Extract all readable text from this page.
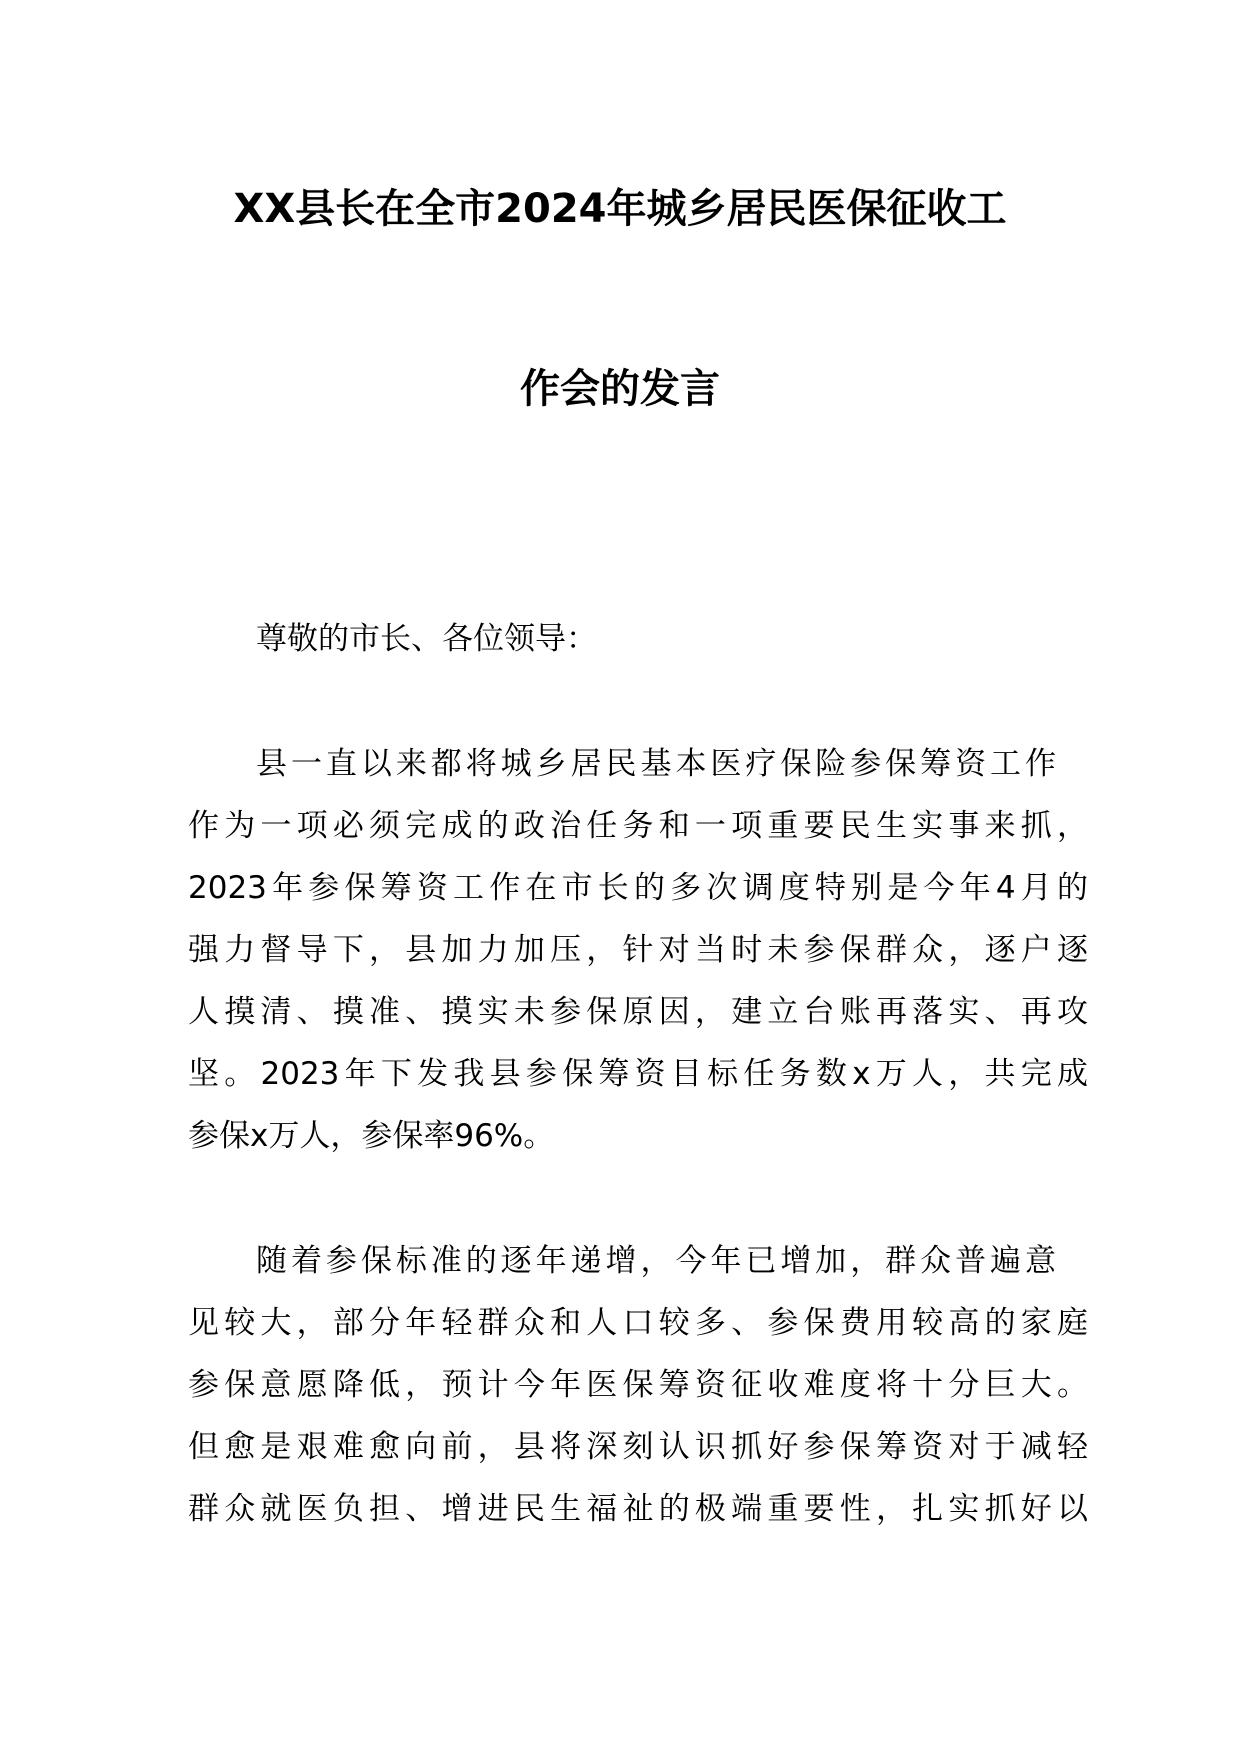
XX县长在全市2024年城乡居民医保征收工
作会的发言
尊敬的市长、各位领导：
县一直以来都将城乡居民基本医疗保险参保筹资工作
作为一项必须完成的政治任务和一项重要民生实事来抓，
2023年参保筹资工作在市长的多次调度特别是今年4月的
强力督导下，县加力加压，针对当时未参保群众，逐户逐
人摸清、摸准、摸实未参保原因，建立台账再落实、再攻
坚。2023年下发我县参保筹资目标任务数x万人，共完成
参保x万人，参保率96%。
随着参保标准的逐年递增，今年已增加，群众普遍意
见较大，部分年轻群众和人口较多、参保费用较高的家庭
参保意愿降低，预计今年医保筹资征收难度将十分巨大。
但愈是艰难愈向前，县将深刻认识抓好参保筹资对于减轻
群众就医负担、增进民生福祉的极端重要性，扎实抓好以
